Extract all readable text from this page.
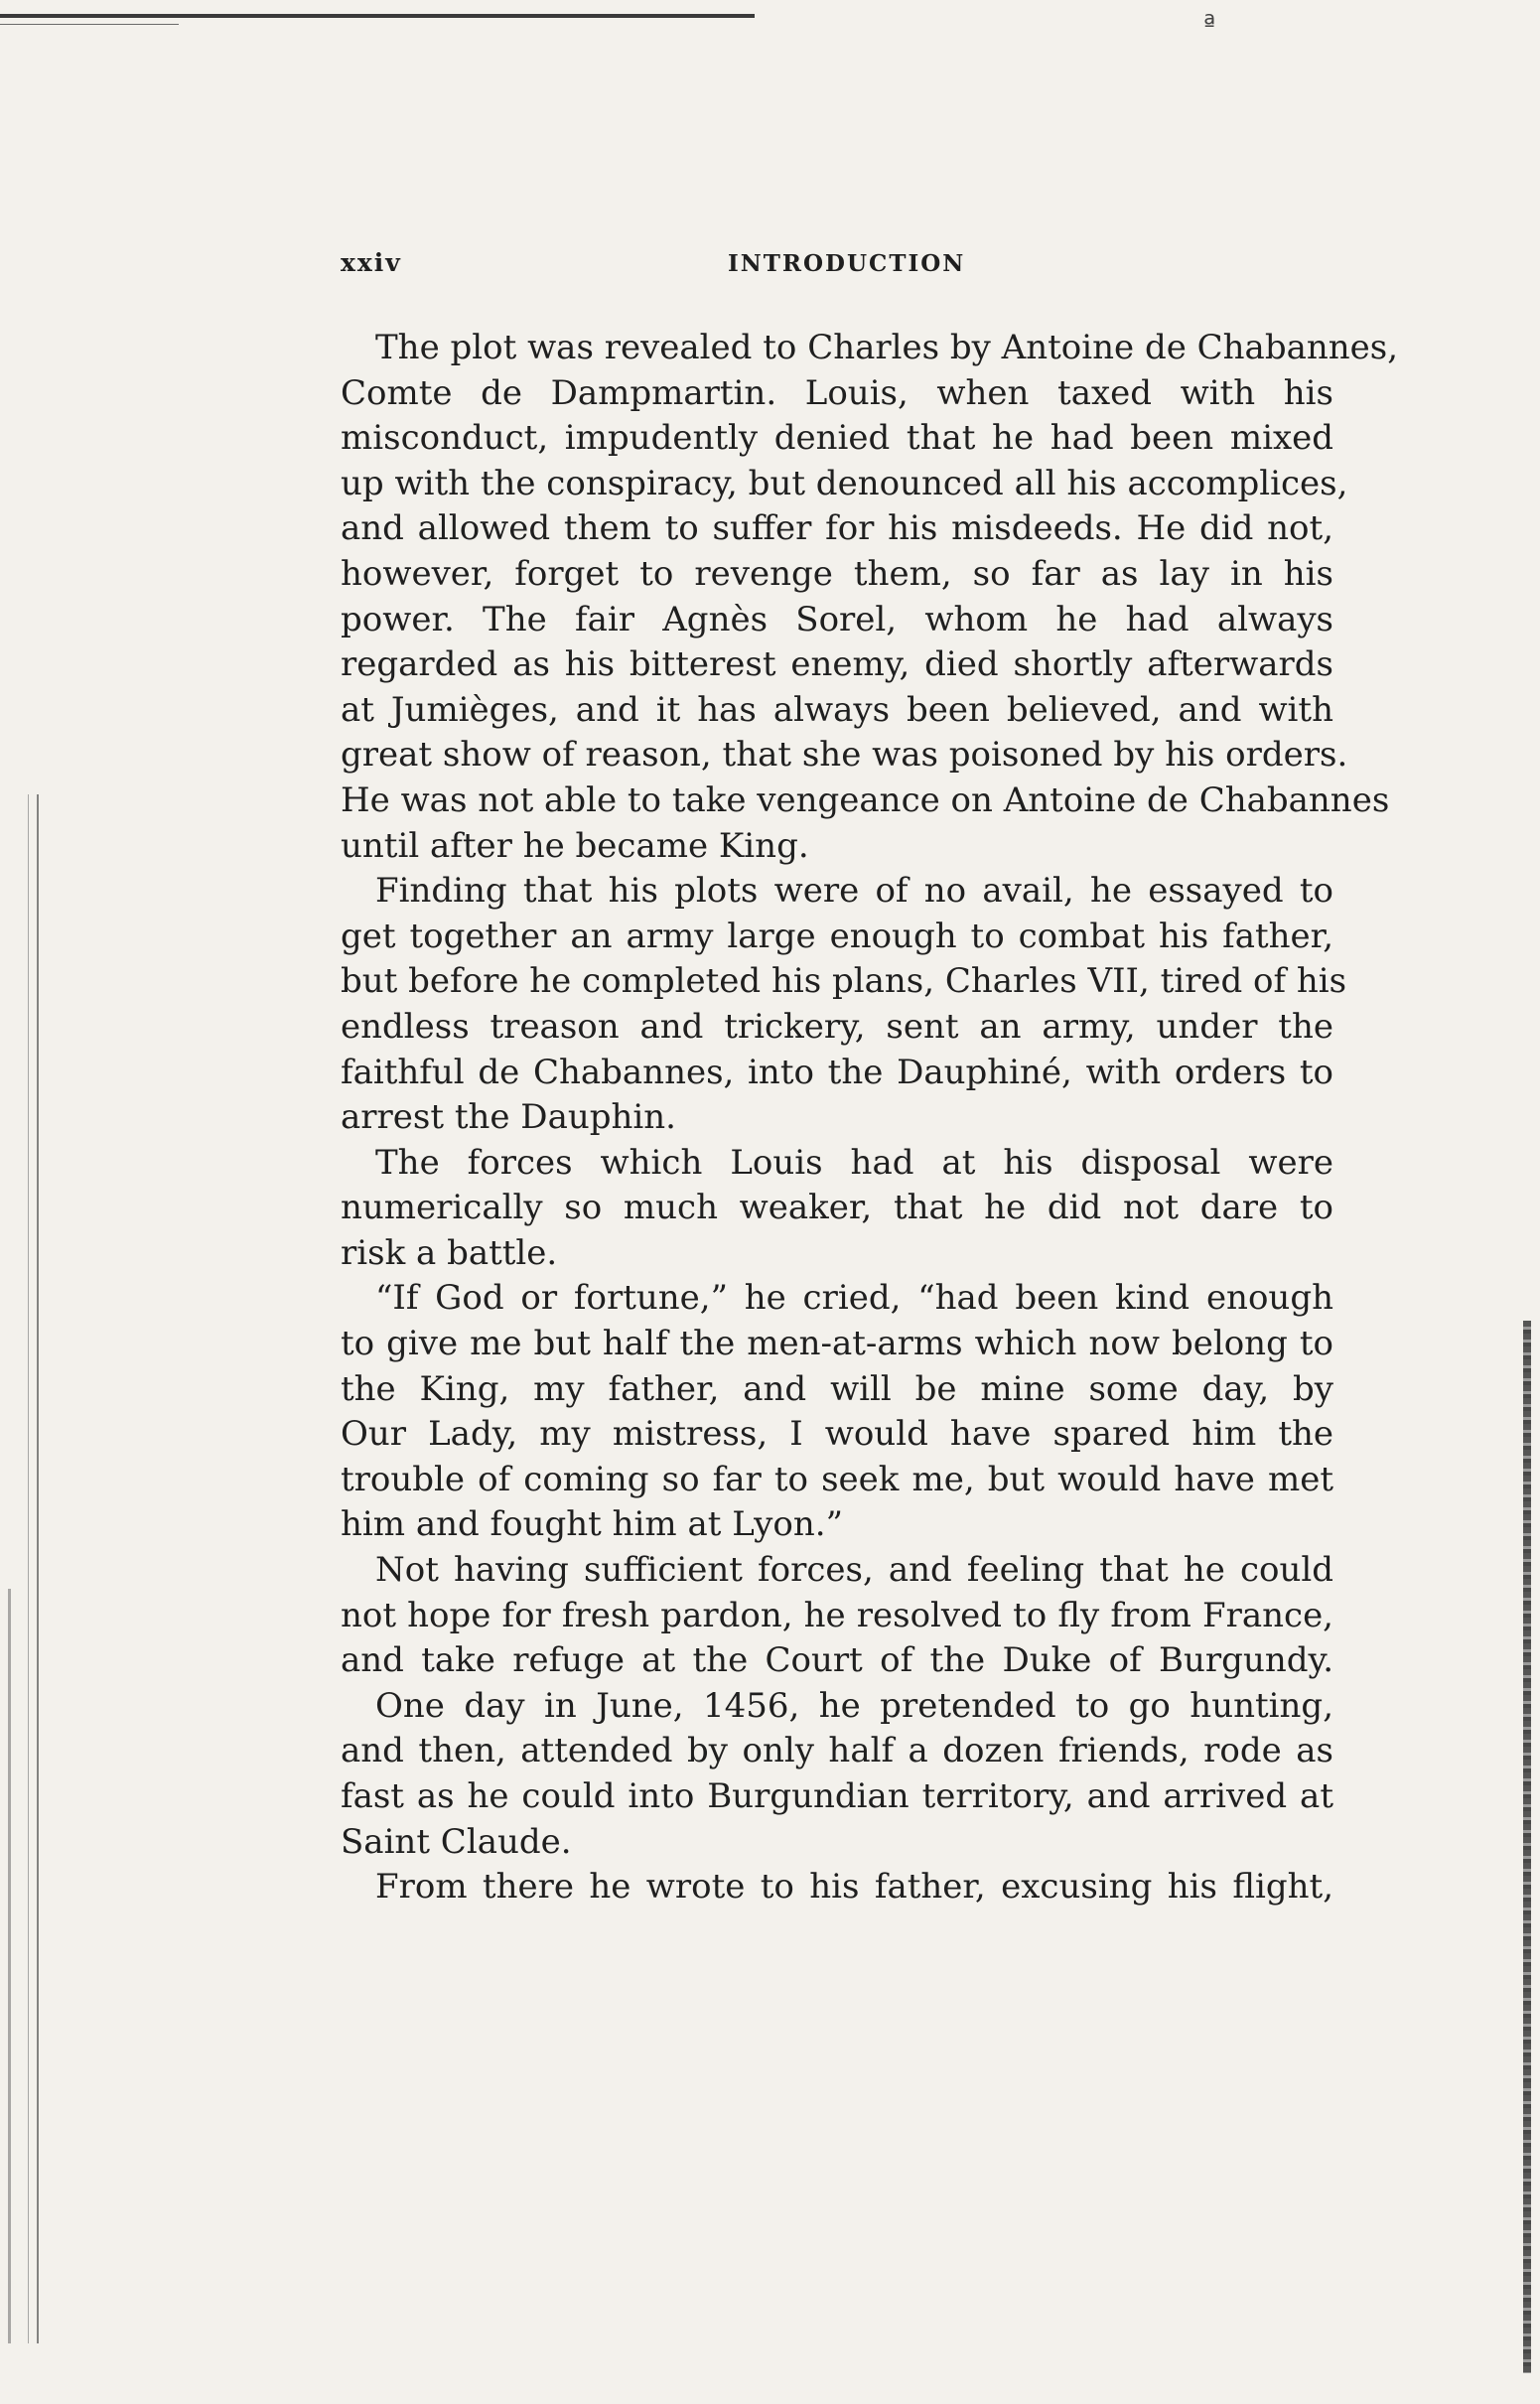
ª
xxiv	INTRODUCTION
The plot was revealed to Charles by Antoine de Chabannes,
Comte de Dampmartin. Louis, when taxed with his
misconduct, impudently denied that he had been mixed
up with the conspiracy, but denounced all his accomplices,
and allowed them to suffer for his misdeeds. He did not,
however, forget to revenge them, so far as lay in his
power. The fair Agnès Sorel, whom he had always
regarded as his bitterest enemy, died shortly afterwards
at Jumièges, and it has always been believed, and with
great show of reason, that she was poisoned by his orders.
He was not able to take vengeance on Antoine de Chabannes
until after he became King.
Finding that his plots were of no avail, he essayed to
get together an army large enough to combat his father,
but before he completed his plans, Charles VII, tired of his
endless treason and trickery, sent an army, under the
faithful de Chabannes, into the Dauphiné, with orders to
arrest the Dauphin.
The forces which Louis had at his disposal were
numerically so much weaker, that he did not dare to
risk a battle.
“If God or fortune,” he cried, “had been kind enough
to give me but half the men-at-arms which now belong to
the King, my father, and will be mine some day, by
Our Lady, my mistress, I would have spared him the
trouble of coming so far to seek me, but would have met
him and fought him at Lyon.”
Not having sufficient forces, and feeling that he could
not hope for fresh pardon, he resolved to fly from France,
and take refuge at the Court of the Duke of Burgundy.
One day in June, 1456, he pretended to go hunting,
and then, attended by only half a dozen friends, rode as
fast as he could into Burgundian territory, and arrived at
Saint Claude.
From there he wrote to his father, excusing his flight,
